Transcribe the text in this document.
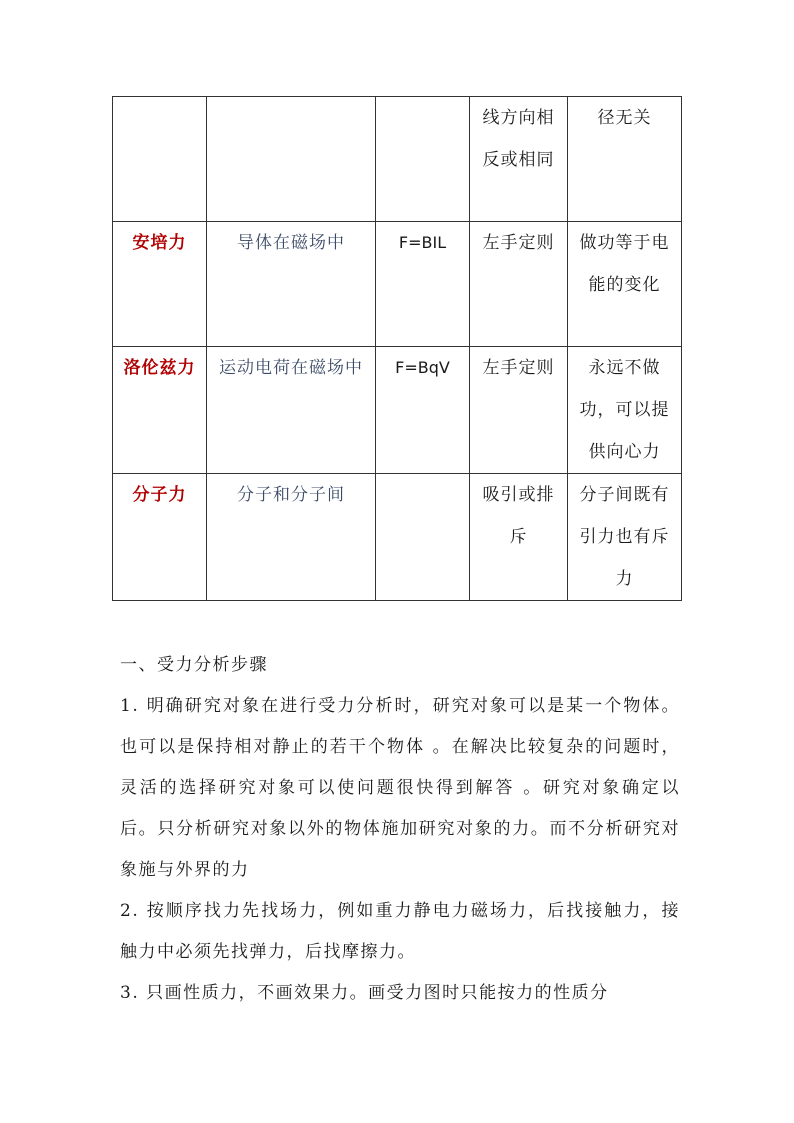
			线方向相反或相同	径无关
安培力	导体在磁场中	F=BIL	左手定则	做功等于电能的变化
洛伦兹力	运动电荷在磁场中	F=BqV	左手定则	永远不做功，可以提供向心力
分子力	分子和分子间		吸引或排斥	分子间既有引力也有斥力

一、受力分析步骤

1. 明确研究对象在进行受力分析时，研究对象可以是某一个物体。也可以是保持相对静止的若干个物体 。在解决比较复杂的问题时，灵活的选择研究对象可以使问题很快得到解答 。研究对象确定以后。只分析研究对象以外的物体施加研究对象的力。而不分析研究对象施与外界的力

2. 按顺序找力先找场力，例如重力静电力磁场力，后找接触力，接触力中必须先找弹力，后找摩擦力。

3. 只画性质力，不画效果力。画受力图时只能按力的性质分
